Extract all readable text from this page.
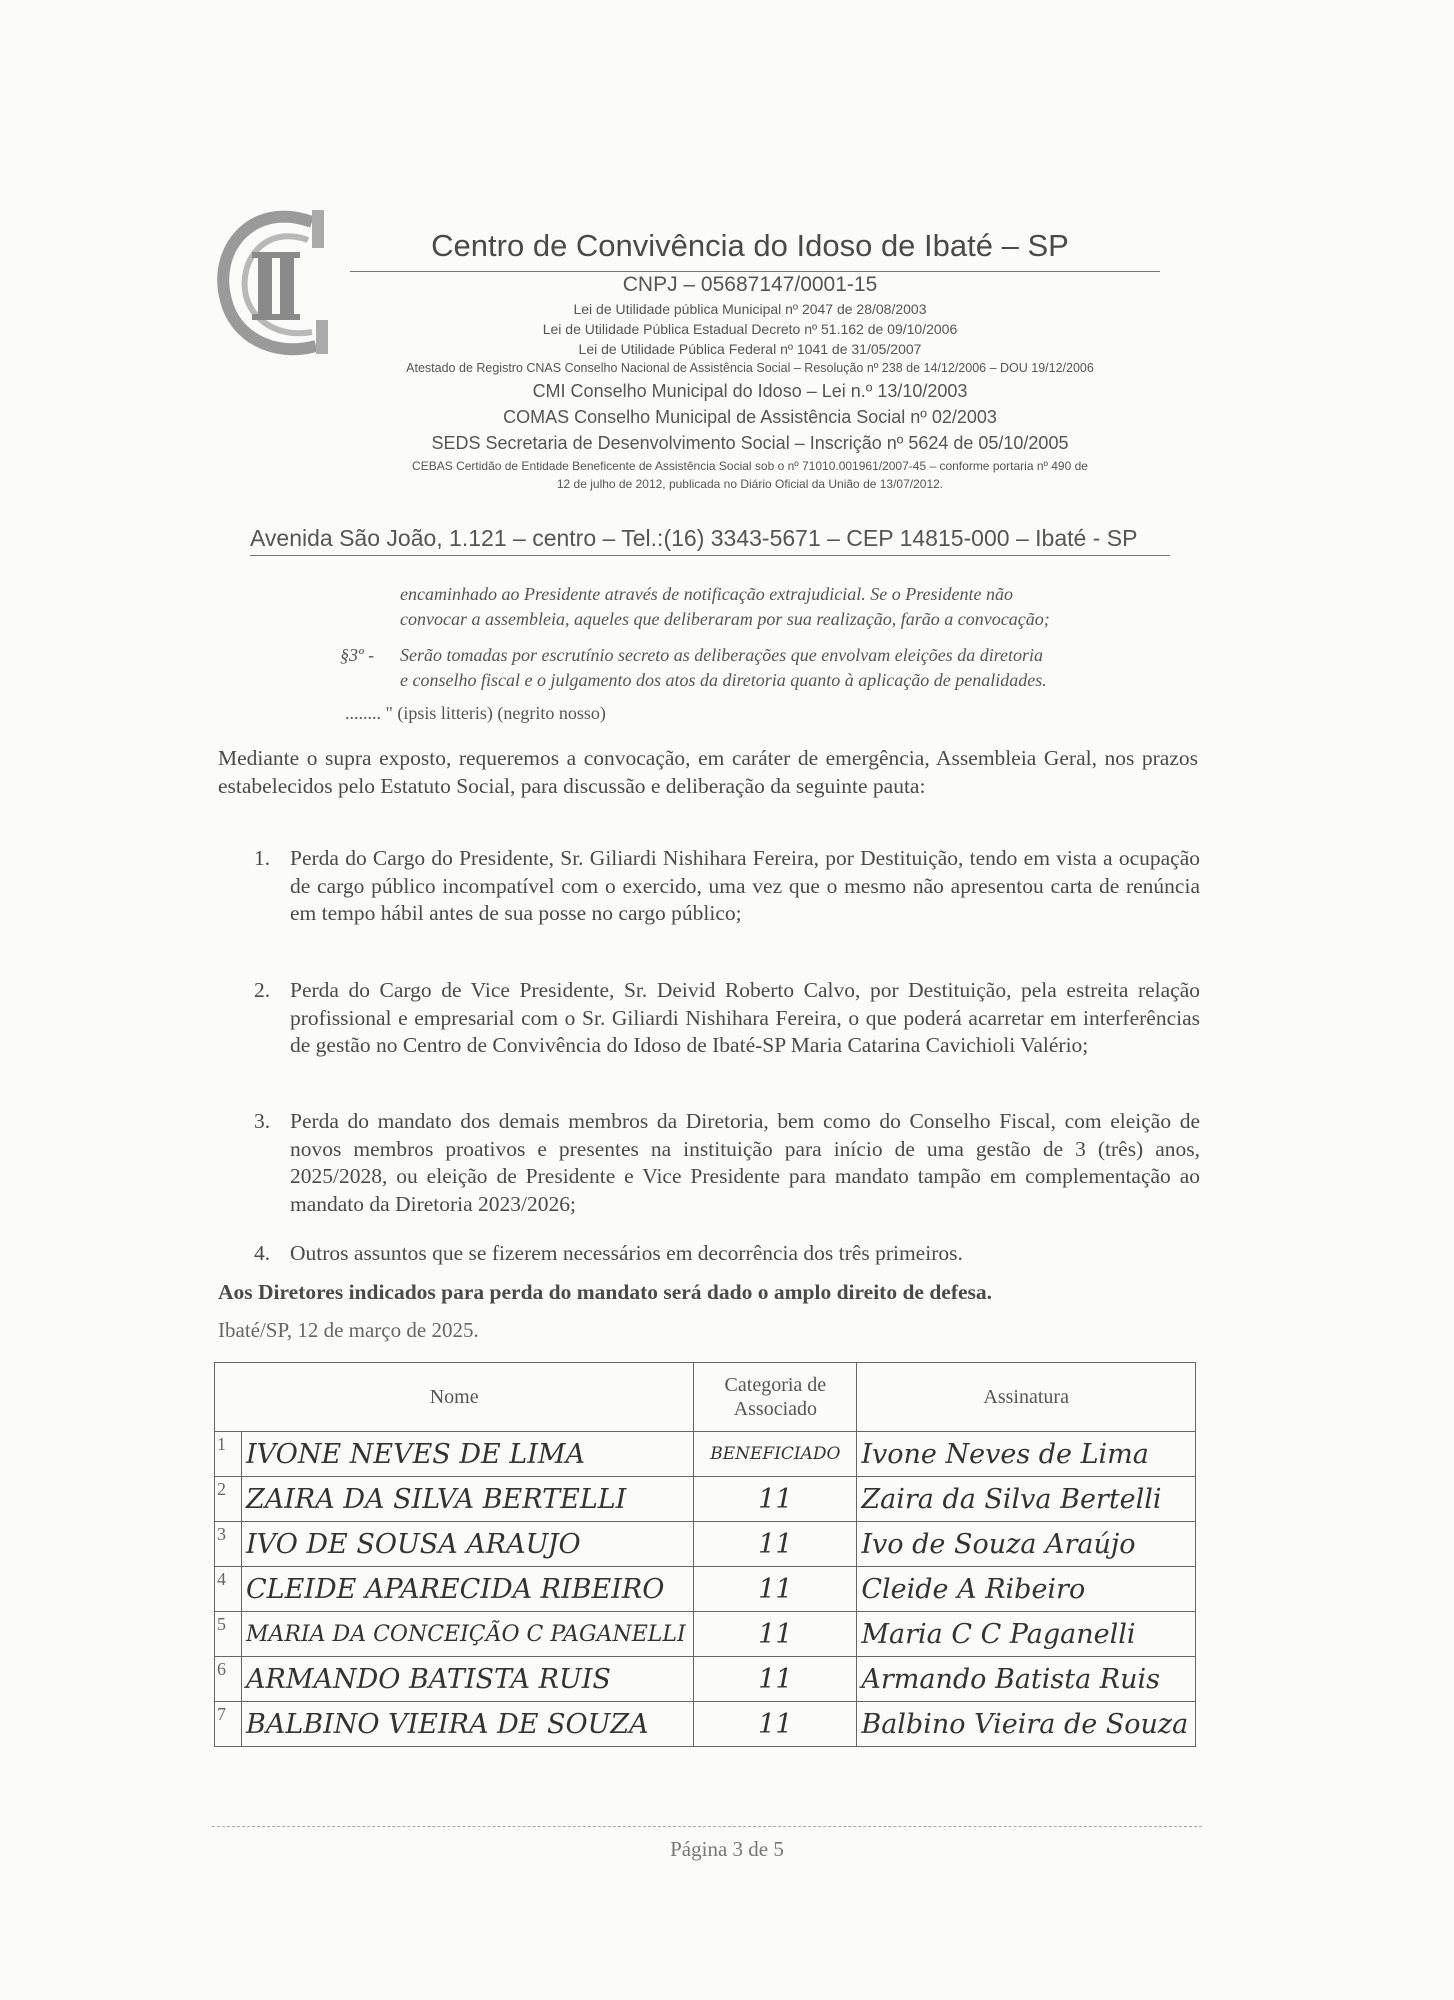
Centro de Convivência do Idoso de Ibaté – SP
CNPJ – 05687147/0001-15
Lei de Utilidade pública Municipal nº 2047 de 28/08/2003
Lei de Utilidade Pública Estadual Decreto nº 51.162 de 09/10/2006
Lei de Utilidade Pública Federal nº 1041 de 31/05/2007
Atestado de Registro CNAS Conselho Nacional de Assistência Social – Resolução nº 238 de 14/12/2006 – DOU 19/12/2006
CMI Conselho Municipal do Idoso – Lei n.º 13/10/2003
COMAS Conselho Municipal de Assistência Social nº 02/2003
SEDS Secretaria de Desenvolvimento Social – Inscrição nº 5624 de 05/10/2005
CEBAS Certidão de Entidade Beneficente de Assistência Social sob o nº 71010.001961/2007-45 – conforme portaria nº 490 de
12 de julho de 2012, publicada no Diário Oficial da União de 13/07/2012.
Avenida São João, 1.121 – centro – Tel.:(16) 3343-5671 – CEP 14815-000 – Ibaté - SP
encaminhado ao Presidente através de notificação extrajudicial. Se o Presidente não
convocar a assembleia, aqueles que deliberaram por sua realização, farão a convocação;
§3º - Serão tomadas por escrutínio secreto as deliberações que envolvam eleições da diretoria
e conselho fiscal e o julgamento dos atos da diretoria quanto à aplicação de penalidades.
........ " (ipsis litteris) (negrito nosso)
Mediante o supra exposto, requeremos a convocação, em caráter de emergência, Assembleia Geral, nos prazos estabelecidos pelo Estatuto Social, para discussão e deliberação da seguinte pauta:
1. Perda do Cargo do Presidente, Sr. Giliardi Nishihara Fereira, por Destituição, tendo em vista a ocupação de cargo público incompatível com o exercido, uma vez que o mesmo não apresentou carta de renúncia em tempo hábil antes de sua posse no cargo público;
2. Perda do Cargo de Vice Presidente, Sr. Deivid Roberto Calvo, por Destituição, pela estreita relação profissional e empresarial com o Sr. Giliardi Nishihara Fereira, o que poderá acarretar em interferências de gestão no Centro de Convivência do Idoso de Ibaté-SP Maria Catarina Cavichioli Valério;
3. Perda do mandato dos demais membros da Diretoria, bem como do Conselho Fiscal, com eleição de novos membros proativos e presentes na instituição para início de uma gestão de 3 (três) anos, 2025/2028, ou eleição de Presidente e Vice Presidente para mandato tampão em complementação ao mandato da Diretoria 2023/2026;
4. Outros assuntos que se fizerem necessários em decorrência dos três primeiros.
Aos Diretores indicados para perda do mandato será dado o amplo direito de defesa.
Ibaté/SP, 12 de março de 2025.
Nome		Categoria de Associado	Assinatura
1	IVONE NEVES DE LIMA	BENEFICIADO	Ivone Neves de Lima
2	ZAIRA DA SILVA BERTELLI	11	Zaira da Silva Bertelli
3	IVO DE SOUSA ARAUJO	11	Ivo de Souza Araújo
4	CLEIDE APARECIDA RIBEIRO	11	Cleide A Ribeiro
5	MARIA DA CONCEIÇÃO C PAGANELLI	11	Maria C C Paganelli
6	ARMANDO BATISTA RUIS	11	Armando Batista Ruis
7	BALBINO VIEIRA DE SOUZA	11	Balbino Vieira de Souza
Página 3 de 5
